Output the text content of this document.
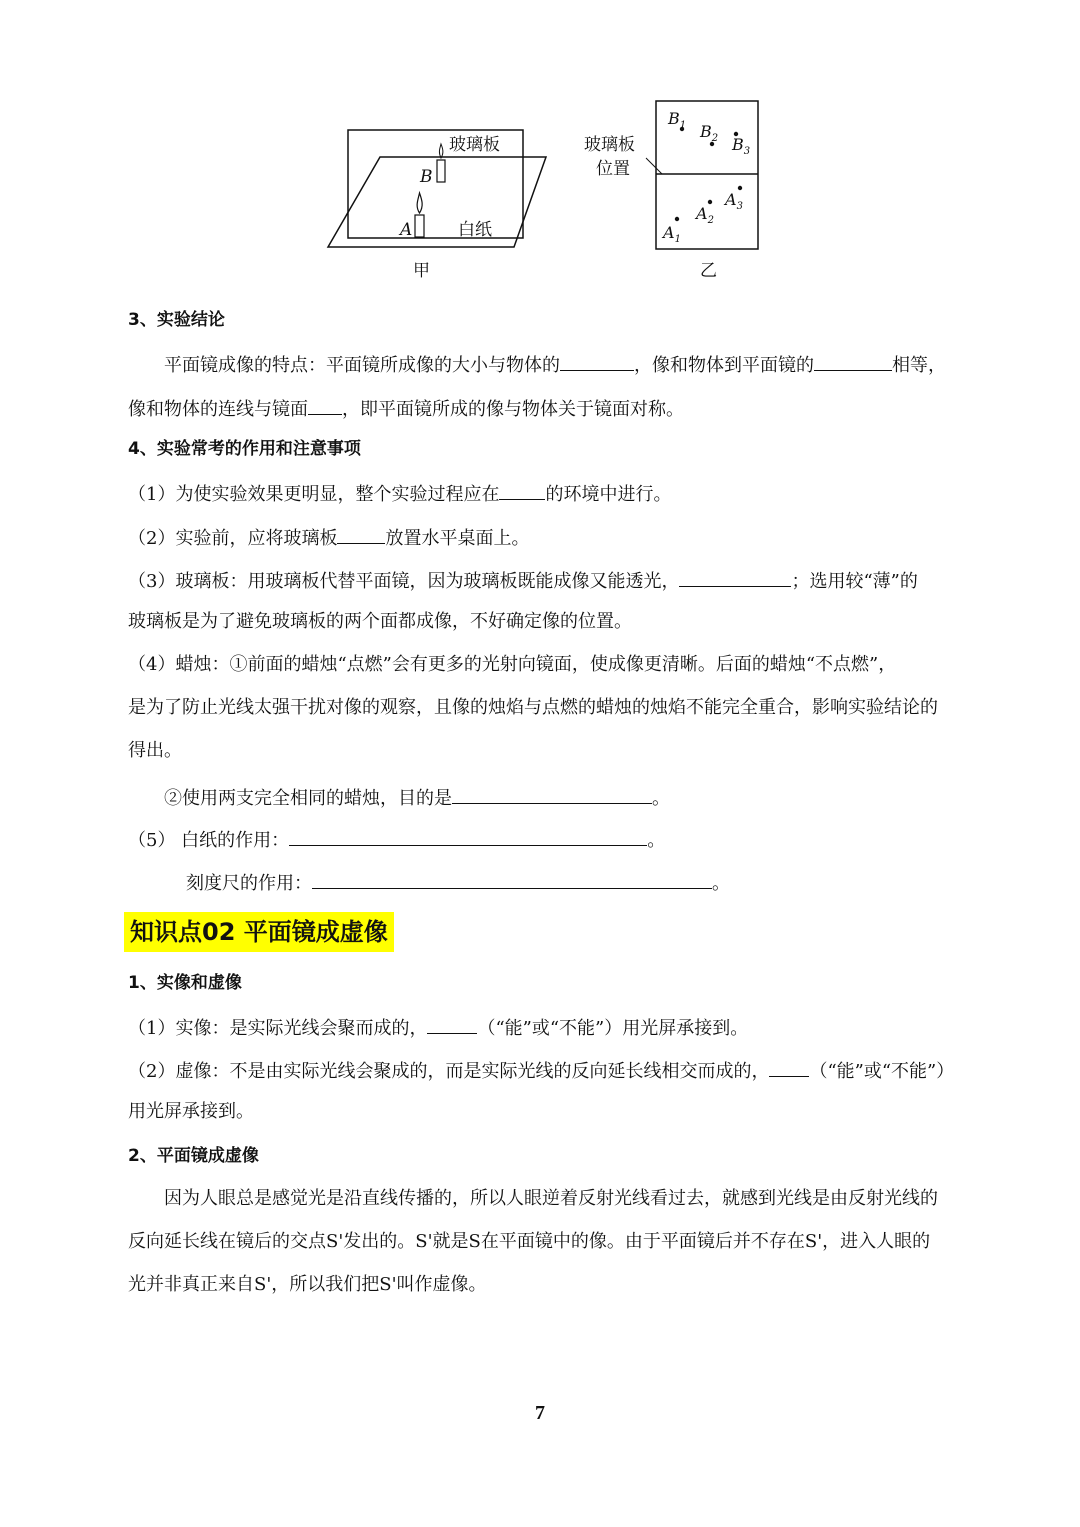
玻璃板
白纸
A
B
甲
玻璃板
位置
$B_1$ $B_2$ $B_3$
$A_1$
$A_2$
$A_3$
乙
3、实验结论
平面镜成像的特点：平面镜所成像的大小与物体的	，像和物体到平面镜的	相等，
像和物体的连线与镜面 ，即平面镜所成的像与物体关于镜面对称。
4、实验常考的作用和注意事项
（1）为使实验效果更明显，整个实验过程应在	的环境中进行。
（2）实验前，应将玻璃板	放置水平桌面上。
（3）玻璃板：用玻璃板代替平面镜，因为玻璃板既能成像又能透光，	；选用较“薄”的
玻璃板是为了避免玻璃板的两个面都成像，不好确定像的位置。
（4）蜡烛：①前面的蜡烛“点燃”会有更多的光射向镜面，使成像更清晰。后面的蜡烛“不点燃”，
是为了防止光线太强干扰对像的观察，且像的烛焰与点燃的蜡烛的烛焰不能完全重合，影响实验结论的
得出。
②使用两支完全相同的蜡烛，目的是	。
（5） 白纸的作用：	。
刻度尺的作用：	。
知识点02 平面镜成虚像
1、实像和虚像
（1）实像：是实际光线会聚而成的，	（“能”或“不能”）用光屏承接到。
（2）虚像：不是由实际光线会聚成的，而是实际光线的反向延长线相交而成的， （“能”或“不能”）
用光屏承接到。
2、平面镜成虚像
因为人眼总是感觉光是沿直线传播的，所以人眼逆着反射光线看过去，就感到光线是由反射光线的
反向延长线在镜后的交点S'发出的。S'就是S在平面镜中的像。由于平面镜后并不存在S'，进入人眼的
光并非真正来自S'，所以我们把S'叫作虚像。
7
